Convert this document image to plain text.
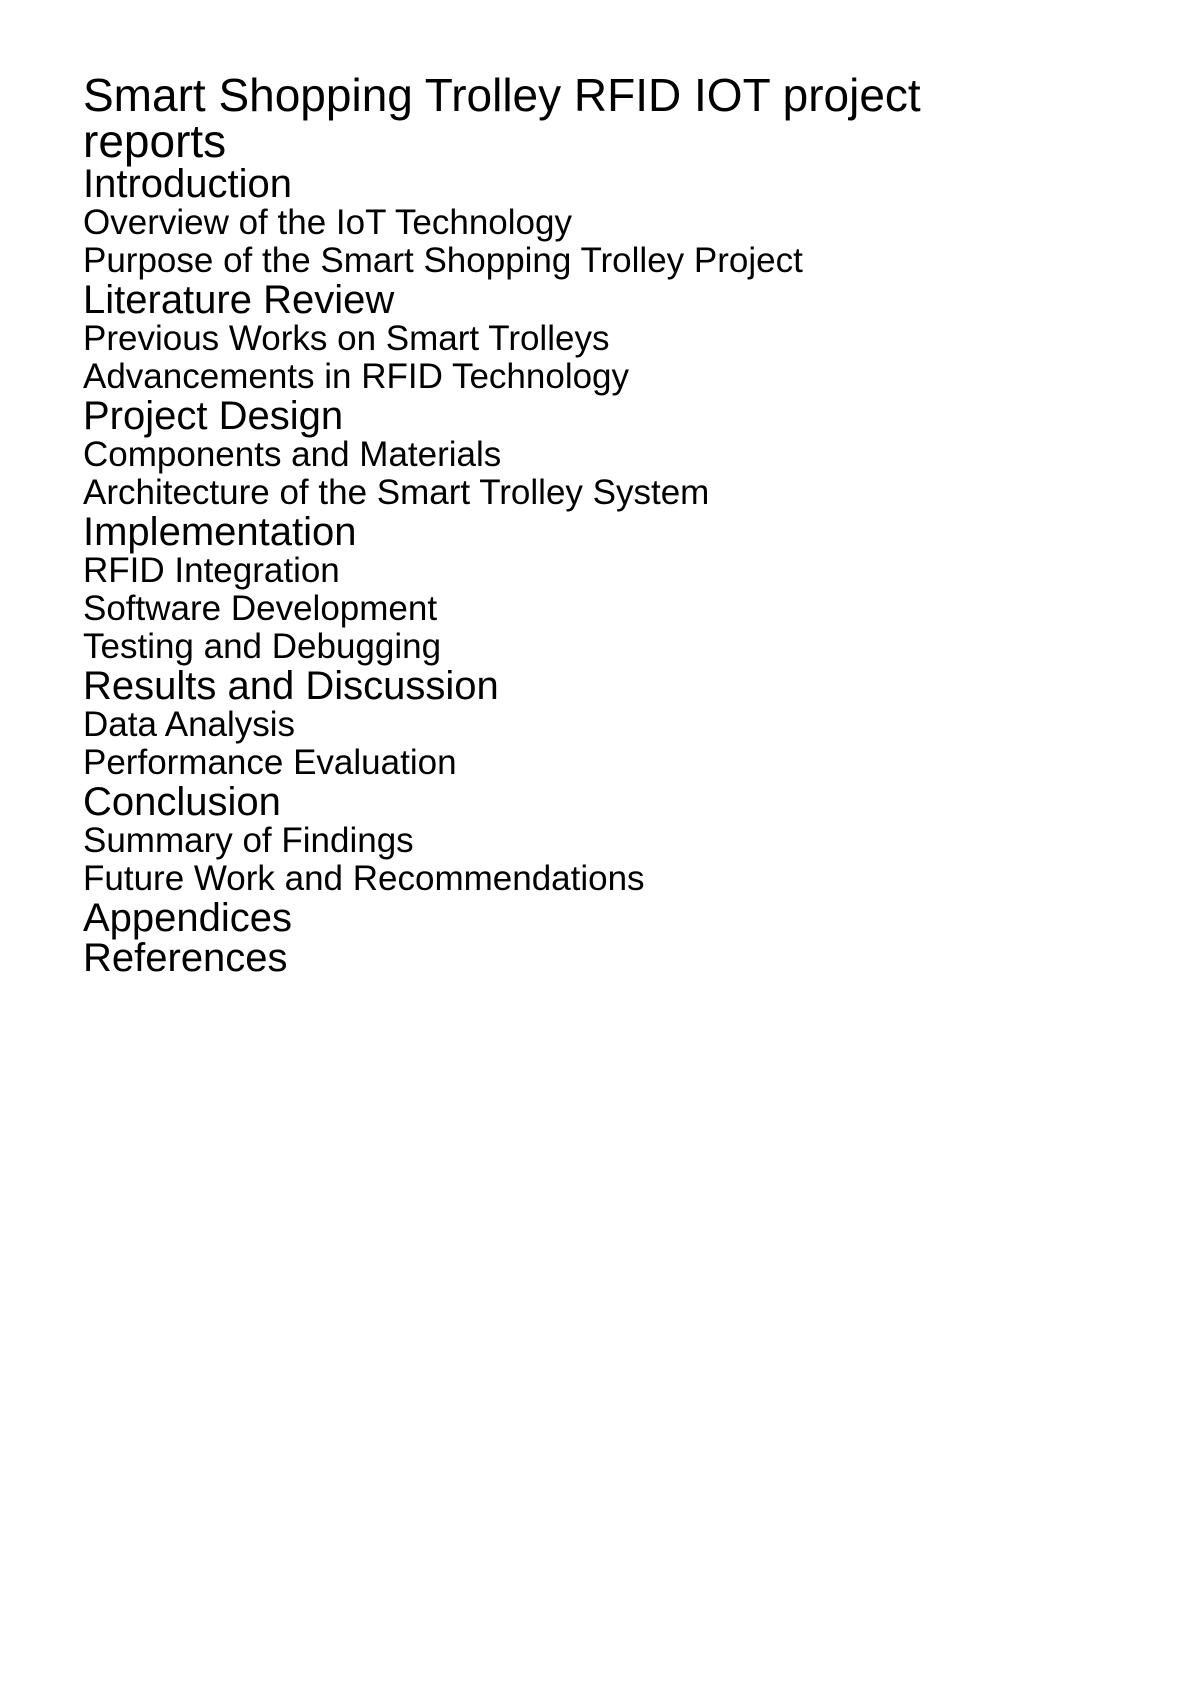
Smart Shopping Trolley RFID IOT project reports
Introduction
Overview of the IoT Technology
Purpose of the Smart Shopping Trolley Project
Literature Review
Previous Works on Smart Trolleys
Advancements in RFID Technology
Project Design
Components and Materials
Architecture of the Smart Trolley System
Implementation
RFID Integration
Software Development
Testing and Debugging
Results and Discussion
Data Analysis
Performance Evaluation
Conclusion
Summary of Findings
Future Work and Recommendations
Appendices
References
